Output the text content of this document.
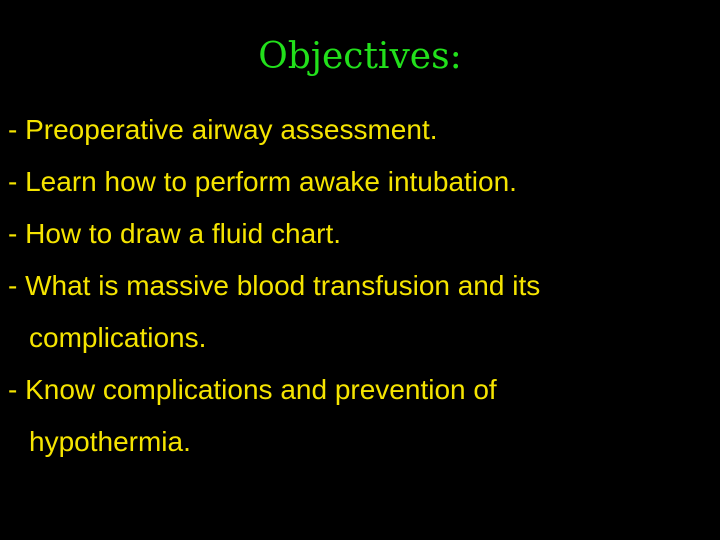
Objectives:
- Preoperative airway assessment.
- Learn how to perform awake intubation.
- How to draw a fluid chart.
- What is massive blood transfusion and its
complications.
- Know complications and prevention of
hypothermia.
